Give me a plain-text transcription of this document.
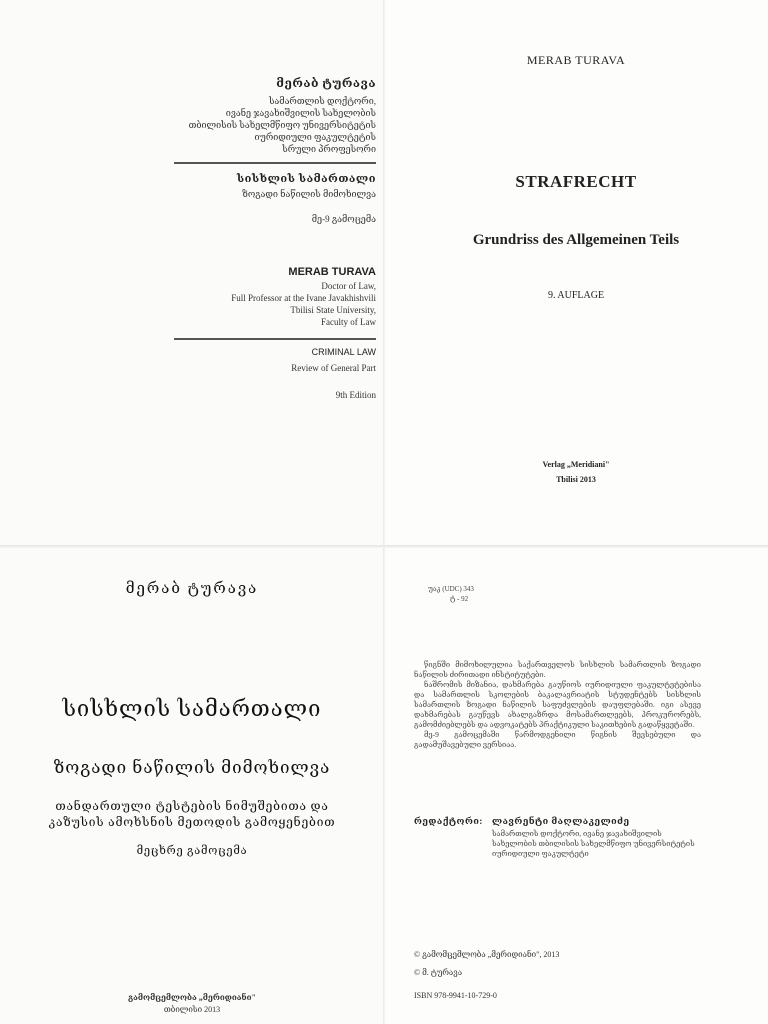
მერაბ ტურავა
სამართლის დოქტორი,
ივანე ჯავახიშვილის სახელობის
თბილისის სახელმწიფო უნივერსიტეტის
იურიდიული ფაკულტეტის
სრული პროფესორი
სისხლის სამართალი
ზოგადი ნაწილის მიმოხილვა
მე-9 გამოცემა
MERAB TURAVA
Doctor of Law,
Full Professor at the Ivane Javakhishvili
Tbilisi State University,
Faculty of Law
CRIMINAL LAW
Review of General Part
9th Edition
MERAB TURAVA
STRAFRECHT
Grundriss des Allgemeinen Teils
9. AUFLAGE
Verlag „Meridiani"
Tbilisi 2013
მერაბ ტურავა
სისხლის სამართალი
ზოგადი ნაწილის მიმოხილვა
თანდართული ტესტების ნიმუშებითა და
კაზუსის ამოხსნის მეთოდის გამოყენებით
მეცხრე გამოცემა
გამომცემლობა „მერიდიანი"
თბილისი 2013
უაკ (UDC) 343
ტ - 92
წიგნში მიმოხილულია საქართველოს სისხლის სამართლის ზოგადი ნაწილის ძირითადი ინსტიტუტები.
ნაშრომის მიზანია, დახმარება გაუწიოს იურიდიული ფაკულტეტებისა და სამართლის სკოლების ბაკალავრიატის სტუდენტებს სისხლის სამართლის ზოგადი ნაწილის საფუძვლების დაუფლებაში. იგი ასევე დახმარებას გაუწევს ახალგაზრდა მოსამართლეებს, პროკურორებს, გამომძიებლებს და ადვოკატებს პრაქტიკული საკითხების გადაწყვეტაში.
მე-9 გამოცემაში წარმოდგენილი წიგნის შევსებული და გადამუშავებული ვერსიაა.
რედაქტორი: ლავრენტი მაღლაკელიძე
სამართლის დოქტორი, ივანე ჯავახიშვილის სახელობის თბილისის სახელმწიფო უნივერსიტეტის იურიდიული ფაკულტეტი
© გამომცემლობა „მერიდიანი", 2013
© მ. ტურავა
ISBN 978-9941-10-729-0
